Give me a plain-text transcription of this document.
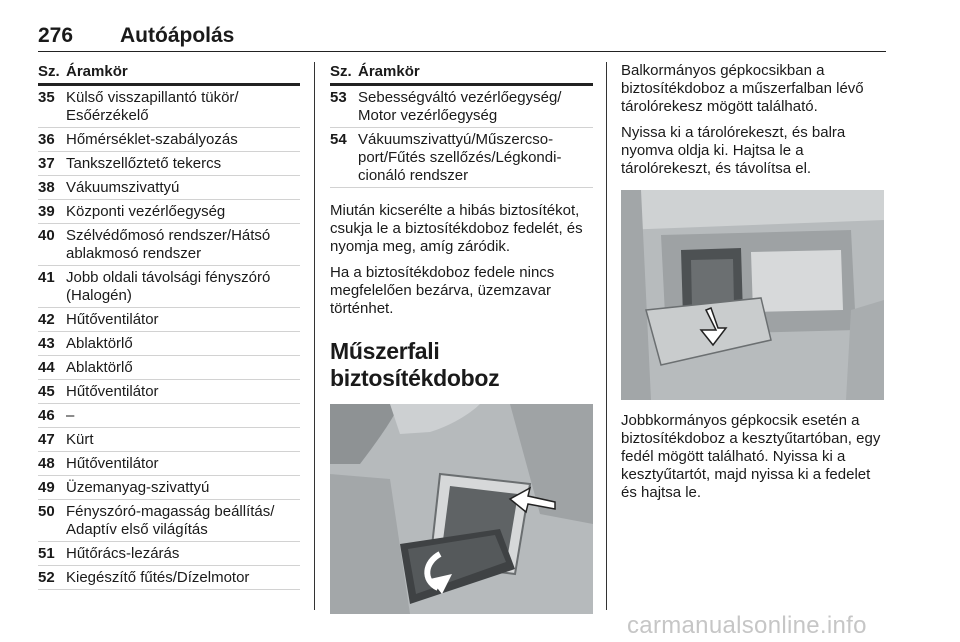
276 Autóápolás
Sz. Áramkör
35 Külső visszapillantó tükör/ Esőérzékelő
36 Hőmérséklet-szabályozás
37 Tankszellőztető tekercs
38 Vákuumszivattyú
39 Központi vezérlőegység
40 Szélvédőmosó rendszer/Hátsó ablakmosó rendszer
41 Jobb oldali távolsági fényszóró (Halogén)
42 Hűtőventilátor
43 Ablaktörlő
44 Ablaktörlő
45 Hűtőventilátor
46 –
47 Kürt
48 Hűtőventilátor
49 Üzemanyag-szivattyú
50 Fényszóró-magasság beállítás/ Adaptív első világítás
51 Hűtőrács-lezárás
52 Kiegészítő fűtés/Dízelmotor
Sz. Áramkör
53 Sebességváltó vezérlőegység/ Motor vezérlőegység
54 Vákuumszivattyú/Műszercso-port/Fűtés szellőzés/Légkondi-cionáló rendszer

Miután kicserélte a hibás biztosítékot, csukja le a biztosítékdoboz fedelét, és nyomja meg, amíg záródik.

Ha a biztosítékdoboz fedele nincs megfelelően bezárva, üzemzavar történhet.

Műszerfali biztosítékdoboz

Balkormányos gépkocsikban a biztosítékdoboz a műszerfalban lévő tárolórekesz mögött található.

Nyissa ki a tárolórekeszt, és balra nyomva oldja ki. Hajtsa le a tárolórekeszt, és távolítsa el.

Jobbkormányos gépkocsik esetén a biztosítékdoboz a kesztyűtartóban, egy fedél mögött található. Nyissa ki a kesztyűtartót, majd nyissa ki a fedelet és hajtsa le.

carmanualsonline.info
